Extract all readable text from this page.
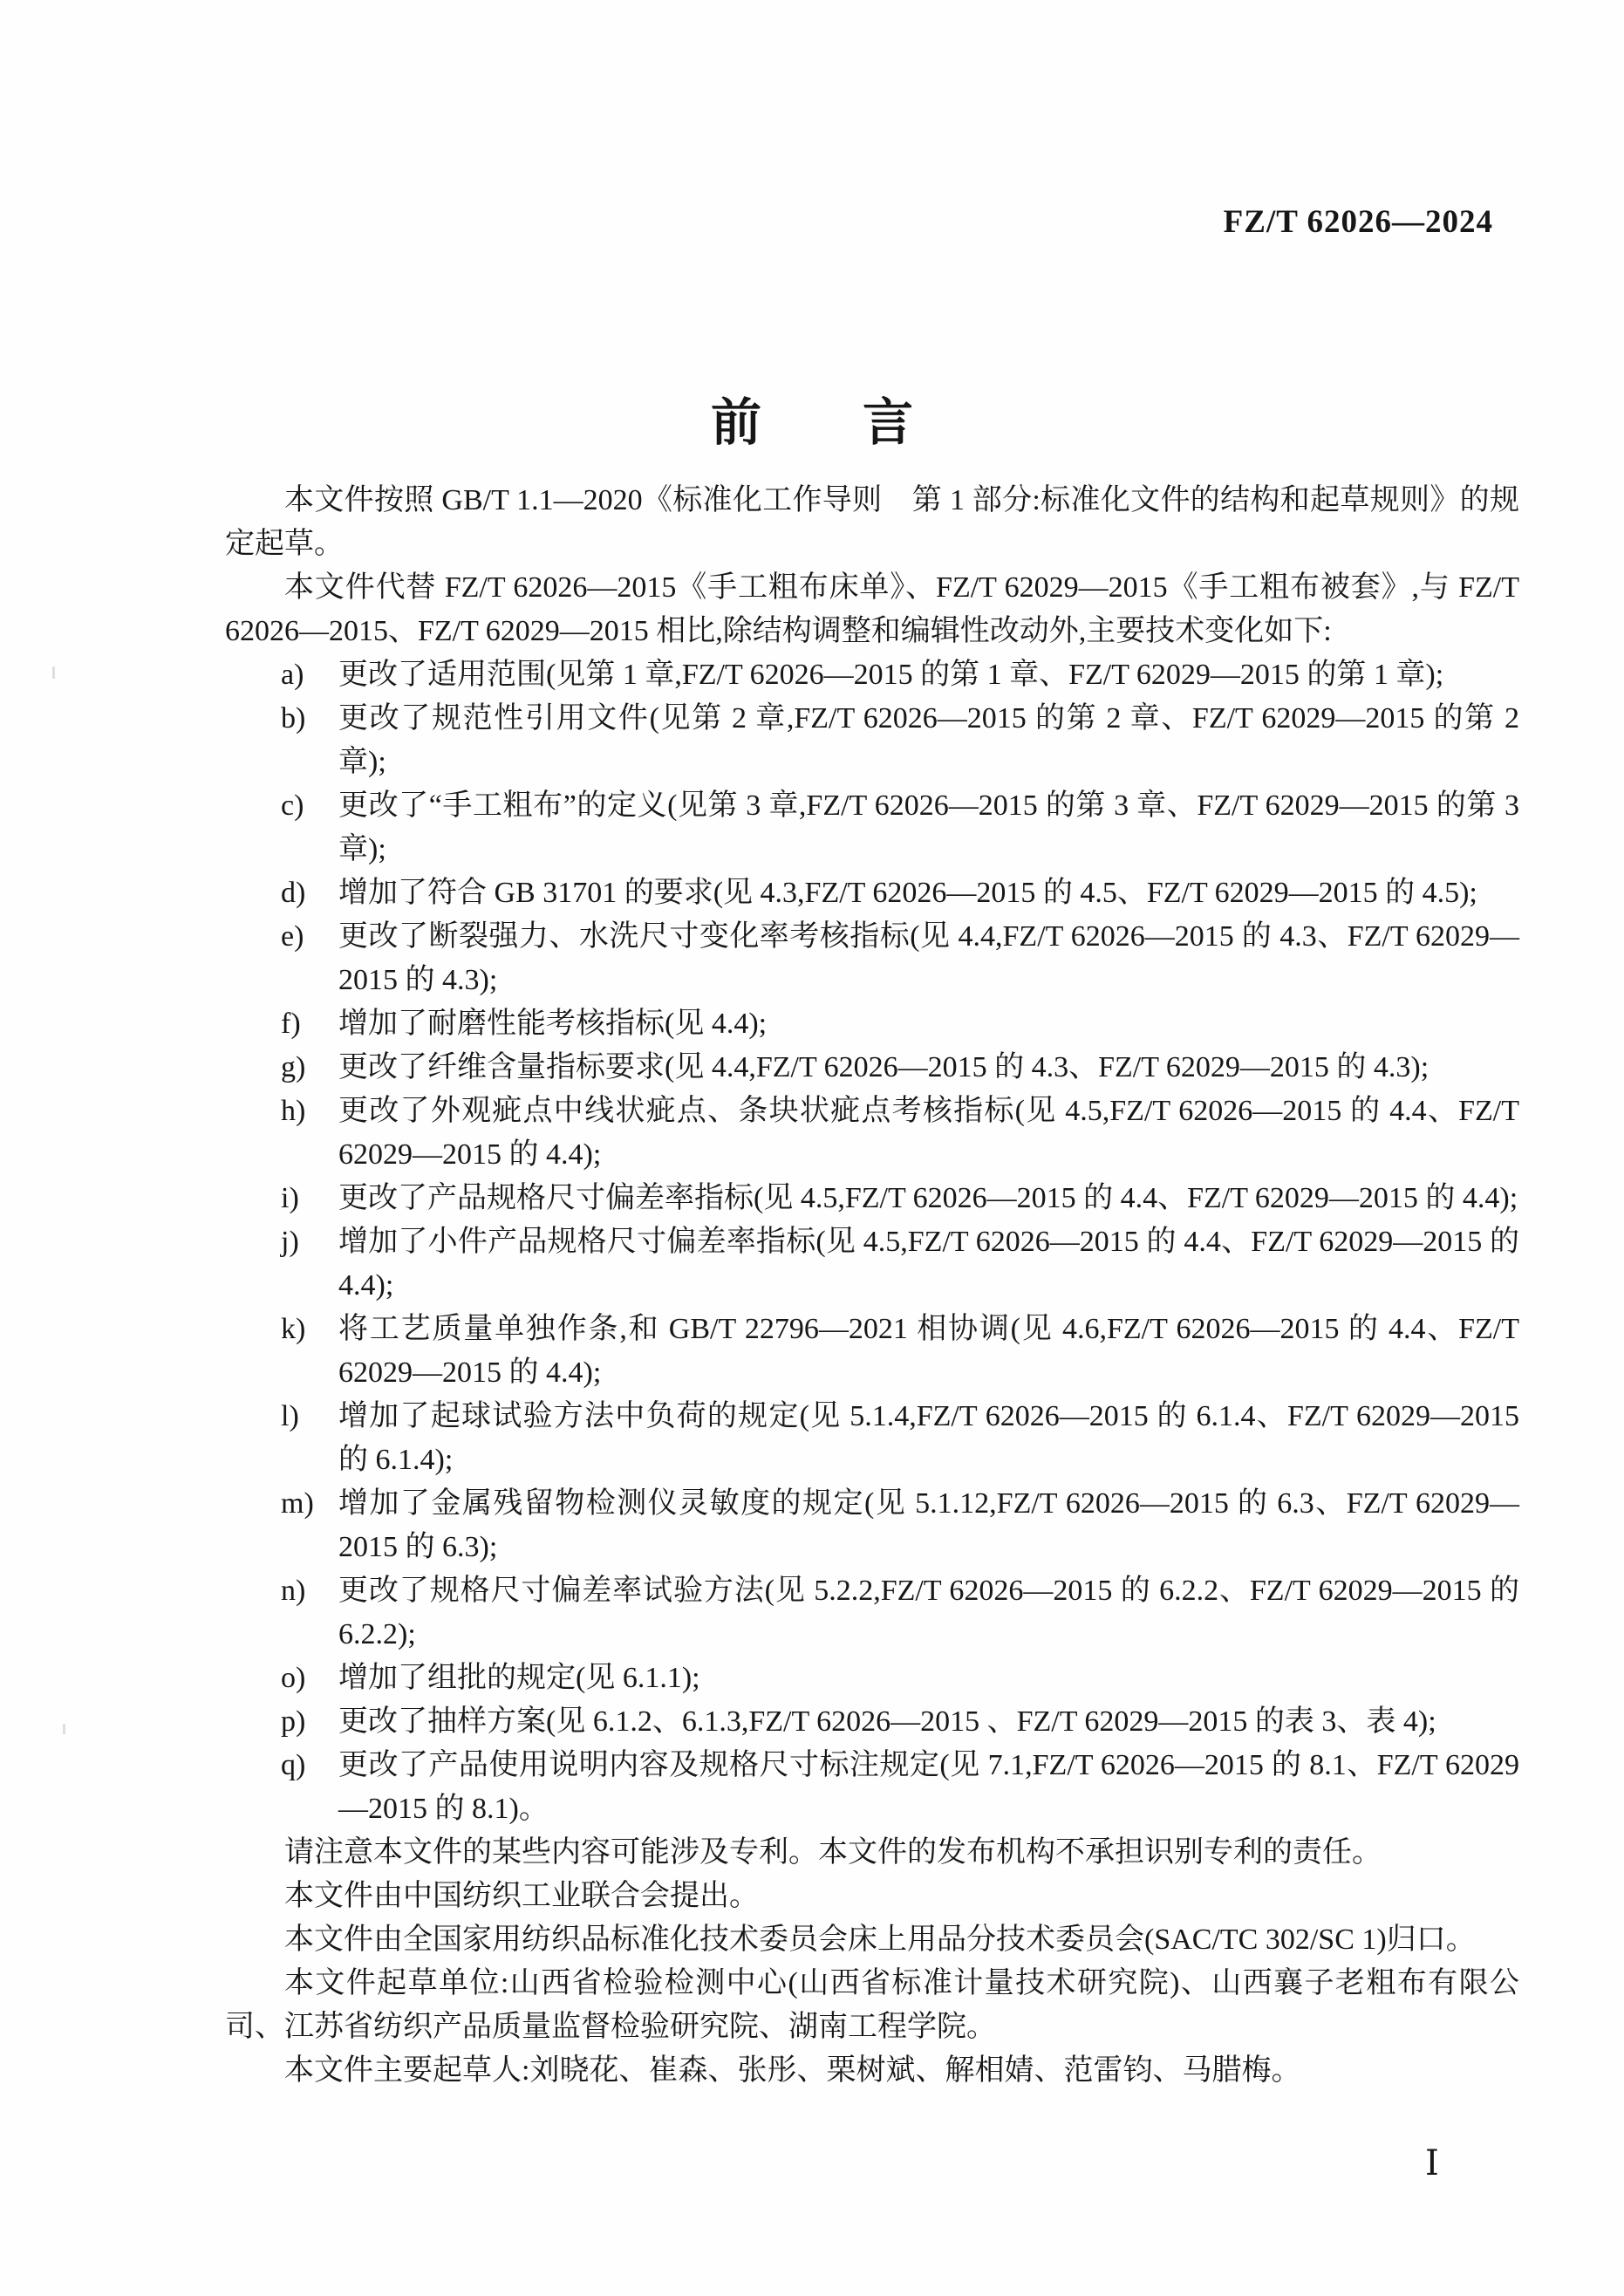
FZ/T 62026—2024
前　　言

本文件按照 GB/T 1.1—2020《标准化工作导则　第 1 部分:标准化文件的结构和起草规则》的规定起草。

本文件代替 FZ/T 62026—2015《手工粗布床单》、FZ/T 62029—2015《手工粗布被套》,与 FZ/T 62026—2015、FZ/T 62029—2015 相比,除结构调整和编辑性改动外,主要技术变化如下:

a) 更改了适用范围(见第 1 章,FZ/T 62026—2015 的第 1 章、FZ/T 62029—2015 的第 1 章);
b) 更改了规范性引用文件(见第 2 章,FZ/T 62026—2015 的第 2 章、FZ/T 62029—2015 的第 2 章);
c) 更改了“手工粗布”的定义(见第 3 章,FZ/T 62026—2015 的第 3 章、FZ/T 62029—2015 的第 3 章);
d) 增加了符合 GB 31701 的要求(见 4.3,FZ/T 62026—2015 的 4.5、FZ/T 62029—2015 的 4.5);
e) 更改了断裂强力、水洗尺寸变化率考核指标(见 4.4,FZ/T 62026—2015 的 4.3、FZ/T 62029—2015 的 4.3);
f) 增加了耐磨性能考核指标(见 4.4);
g) 更改了纤维含量指标要求(见 4.4,FZ/T 62026—2015 的 4.3、FZ/T 62029—2015 的 4.3);
h) 更改了外观疵点中线状疵点、条块状疵点考核指标(见 4.5,FZ/T 62026—2015 的 4.4、FZ/T 62029—2015 的 4.4);
i) 更改了产品规格尺寸偏差率指标(见 4.5,FZ/T 62026—2015 的 4.4、FZ/T 62029—2015 的 4.4);
j) 增加了小件产品规格尺寸偏差率指标(见 4.5,FZ/T 62026—2015 的 4.4、FZ/T 62029—2015 的 4.4);
k) 将工艺质量单独作条,和 GB/T 22796—2021 相协调(见 4.6,FZ/T 62026—2015 的 4.4、FZ/T 62029—2015 的 4.4);
l) 增加了起球试验方法中负荷的规定(见 5.1.4,FZ/T 62026—2015 的 6.1.4、FZ/T 62029—2015 的 6.1.4);
m) 增加了金属残留物检测仪灵敏度的规定(见 5.1.12,FZ/T 62026—2015 的 6.3、FZ/T 62029—2015 的 6.3);
n) 更改了规格尺寸偏差率试验方法(见 5.2.2,FZ/T 62026—2015 的 6.2.2、FZ/T 62029—2015 的 6.2.2);
o) 增加了组批的规定(见 6.1.1);
p) 更改了抽样方案(见 6.1.2、6.1.3,FZ/T 62026—2015 、FZ/T 62029—2015 的表 3、表 4);
q) 更改了产品使用说明内容及规格尺寸标注规定(见 7.1,FZ/T 62026—2015 的 8.1、FZ/T 62029—2015 的 8.1)。

请注意本文件的某些内容可能涉及专利。本文件的发布机构不承担识别专利的责任。

本文件由中国纺织工业联合会提出。

本文件由全国家用纺织品标准化技术委员会床上用品分技术委员会(SAC/TC 302/SC 1)归口。

本文件起草单位:山西省检验检测中心(山西省标准计量技术研究院)、山西襄子老粗布有限公司、江苏省纺织产品质量监督检验研究院、湖南工程学院。

本文件主要起草人:刘晓花、崔森、张彤、栗树斌、解相婧、范雷钧、马腊梅。

Ⅰ
